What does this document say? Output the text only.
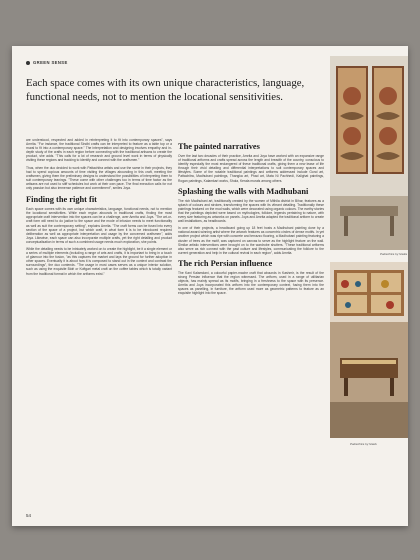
GREEN SENSE
Each space comes with its own unique characteristics, language, functional needs, not to mention the locational sensitivities.

are understood, respected and added in reinterpreting it to fit into contemporary spaces", says Amrita. "For instance, the traditional Sindhi crafts can be interpreted to feature as a table top or a mural to fit into a contemporary space." The interpretation and designing involves empathy and in-depth study of the crafts in each region before connecting with the traditional artisans to create the product, she adds. "This calls for a lot of research and ground level work in terms of physically visiting these regions and tracking to identify and connect with the craftsmen."

Thus, when the duo decided to work with Pattachitra artists and use the same in their projects, they had to spend copious amounts of time visiting the villages abounding in this craft, meeting the craftsmen, giving them the preliminary designs to understand the possibilities of interpreting them to suit contemporary leanings. "These come with other challenges too in terms of time factor as the artisans are not used to stiff schedules but work at their own pace. The final execution calls for not only passion but also immense patience and commitment", smiles Joya.

Finding the right fit

Each space comes with its own unique characteristics, language, functional needs, not to mention the locational sensitivities. While each region abounds in traditional crafts, finding the most appropriate craft intervention into the spaces can be a challenge, aver Amrita and Joya. "The art-or-craft form will need to do justice to the space and the mode of infusion needs to meet functionality as well as suit the contemporary setting", explains Amrita. "The craft forms can be fused into every section of the space of a project, but which craft, in what form it is to be introduced required deliberation as well as appropriate interpretation and usage by the concerned craftsmen", adds Joya. Likewise, each space can also incorporate multiple crafts, yet the right detailing and product conceptualisation in terms of such a combined usage needs much exploration, she points.

While the detailing needs to be intricately worked on to create the highlight, be it a single element or a series of multiple elements (including a range of arts and crafts, it is important to bring in a touch of glamour into the fusion, "as this captures the market and lays the ground for further adoption in other spaces. Eventually it is about how it is composed to stand out in the context and contrast the surroundings", the duo contends. "The usage in most cases serves as a unique interior solution, such as using the exquisite Bidri or Koftgari metal craft on the coffee tables which is totally variant from the traditional format in which the artforms exist."

The painted narratives

Over the last two decades of their practice, Amrita and Joya have worked with an expansive range of traditional artforms and crafts spread across the length and breadth of the country, conscious to identify especially the most endangered of these traditional crafts, giving them a new lease of life through their vivid detailing and differential interpretations to suit contemporary spaces and lifestyles. Some of the notable traditional paintings and artforms addressed include Gond art, Pattachitra, Madhubani paintings, Thangka art, Phad art, Mata Ni Pachhedi, Kalighat paintings, Rogan paintings, Kalamkari works, Shola, Kerala murals among others.

Splashing the walls with Madhubani

The rich Madhubani art, traditionally created by the women of Mithila district in Bihar, features as a splash of colours and strokes, transforming the spaces with its vibrant detailing. Traditionally these paintings featured on the mud walls, which were decorated using organic colours. The earthy stories that the paintings depicted were based on mythologies, folklore, legends pertaining to nature, with every size featuring as artworks on panels. Joya and Amrita adapted the traditional artform to create wall installations, as headboards.

In one of their projects, a headboard going up 18 feet hosts a Madhubani painting done by a national award-winning artist where the artwork features as concentric circles of dense motifs. In yet another project which was ripe with concrete and terrazzo flooring, a Madhubani painting featuring a cluster of trees as the motif, was captured on canvas to serve as the highlight feature on the wall. Similar artistic interventions were brought on to the wardrobe shutters. "These traditional artforms also serve as rich connect with the past culture and lifestyles, communicating the folklore to the current generation and help in the cultural revival in each region", adds Amrita.

The rich Persian influence

The Kani Kalamdani, a colourful papier-mache craft that abounds in Kashmir, is the result of the strong Persian influence that the region witnessed. The artform, used in a range of utilitarian objects, has mainly spread as its motifs, bringing in a freshness to the space with its presence. Amrita and Joya incorporated this artform into the contemporary context, fusing them into the spaces as panelling, in furniture, the artform used more as geometric patterns to feature as an exquisite highlight into the space.

Pattachitra by Nadia
Pattachitra by Naidu
54
